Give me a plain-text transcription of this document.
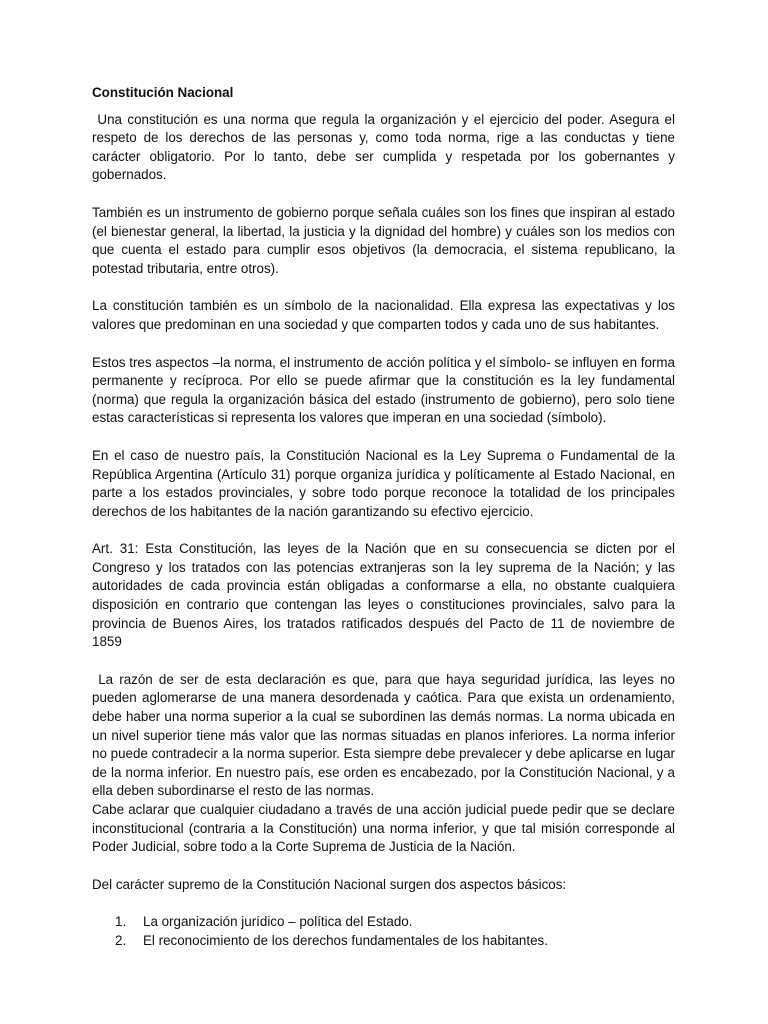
Constitución Nacional

Una constitución es una norma que regula la organización y el ejercicio del poder. Asegura el respeto de los derechos de las personas y, como toda norma, rige a las conductas y tiene carácter obligatorio. Por lo tanto, debe ser cumplida y respetada por los gobernantes y gobernados.

También es un instrumento de gobierno porque señala cuáles son los fines que inspiran al estado (el bienestar general, la libertad, la justicia y la dignidad del hombre) y cuáles son los medios con que cuenta el estado para cumplir esos objetivos (la democracia, el sistema republicano, la potestad tributaria, entre otros).

La constitución también es un símbolo de la nacionalidad. Ella expresa las expectativas y los valores que predominan en una sociedad y que comparten todos y cada uno de sus habitantes.

Estos tres aspectos –la norma, el instrumento de acción política y el símbolo- se influyen en forma permanente y recíproca. Por ello se puede afirmar que la constitución es la ley fundamental (norma) que regula la organización básica del estado (instrumento de gobierno), pero solo tiene estas características si representa los valores que imperan en una sociedad (símbolo).

En el caso de nuestro país, la Constitución Nacional es la Ley Suprema o Fundamental de la República Argentina (Artículo 31) porque organiza jurídica y políticamente al Estado Nacional, en parte a los estados provinciales, y sobre todo porque reconoce la totalidad de los principales derechos de los habitantes de la nación garantizando su efectivo ejercicio.

Art. 31: Esta Constitución, las leyes de la Nación que en su consecuencia se dicten por el Congreso y los tratados con las potencias extranjeras son la ley suprema de la Nación; y las autoridades de cada provincia están obligadas a conformarse a ella, no obstante cualquiera disposición en contrario que contengan las leyes o constituciones provinciales, salvo para la provincia de Buenos Aires, los tratados ratificados después del Pacto de 11 de noviembre de 1859

La razón de ser de esta declaración es que, para que haya seguridad jurídica, las leyes no pueden aglomerarse de una manera desordenada y caótica. Para que exista un ordenamiento, debe haber una norma superior a la cual se subordinen las demás normas. La norma ubicada en un nivel superior tiene más valor que las normas situadas en planos inferiores. La norma inferior no puede contradecir a la norma superior. Esta siempre debe prevalecer y debe aplicarse en lugar de la norma inferior. En nuestro país, ese orden es encabezado, por la Constitución Nacional, y a ella deben subordinarse el resto de las normas.

Cabe aclarar que cualquier ciudadano a través de una acción judicial puede pedir que se declare inconstitucional (contraria a la Constitución) una norma inferior, y que tal misión corresponde al Poder Judicial, sobre todo a la Corte Suprema de Justicia de la Nación.

Del carácter supremo de la Constitución Nacional surgen dos aspectos básicos:

1.	La organización jurídico – política del Estado.
2.	El reconocimiento de los derechos fundamentales de los habitantes.
